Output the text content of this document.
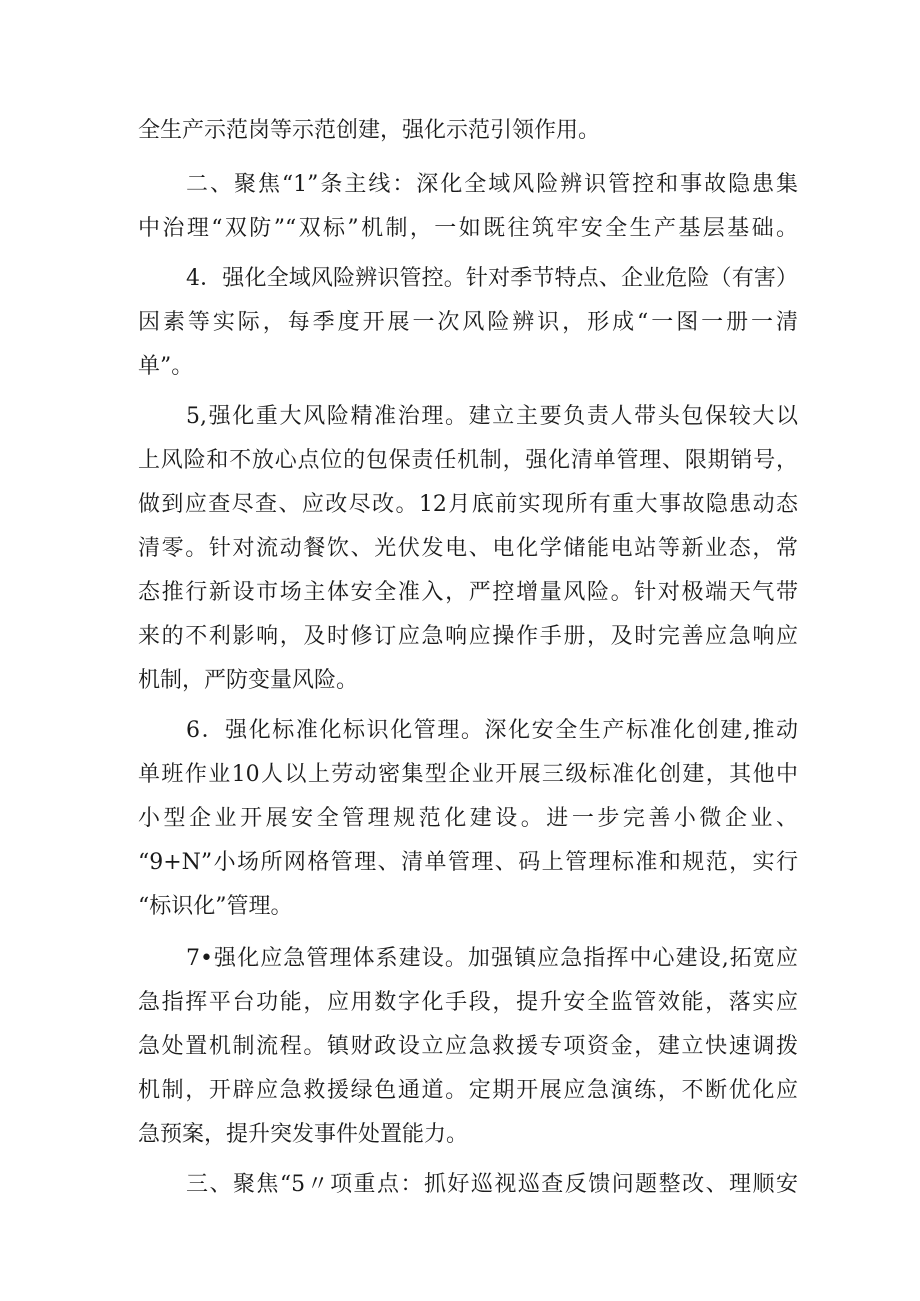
全生产示范岗等示范创建，强化示范引领作用。
二、聚焦“1”条主线：深化全域风险辨识管控和事故隐患集
中治理“双防”“双标”机制，一如既往筑牢安全生产基层基础。
4．强化全域风险辨识管控。针对季节特点、企业危险（有害）
因素等实际，每季度开展一次风险辨识，形成“一图一册一清
单”。
5,强化重大风险精准治理。建立主要负责人带头包保较大以
上风险和不放心点位的包保责任机制，强化清单管理、限期销号，
做到应查尽查、应改尽改。12月底前实现所有重大事故隐患动态
清零。针对流动餐饮、光伏发电、电化学储能电站等新业态，常
态推行新设市场主体安全准入，严控增量风险。针对极端天气带
来的不利影响，及时修订应急响应操作手册，及时完善应急响应
机制，严防变量风险。
6．强化标准化标识化管理。深化安全生产标准化创建,推动
单班作业10人以上劳动密集型企业开展三级标准化创建，其他中
小型企业开展安全管理规范化建设。进一步完善小微企业、
“9+N”小场所网格管理、清单管理、码上管理标准和规范，实行
“标识化”管理。
7•强化应急管理体系建设。加强镇应急指挥中心建设,拓宽应
急指挥平台功能，应用数字化手段，提升安全监管效能，落实应
急处置机制流程。镇财政设立应急救援专项资金，建立快速调拨
机制，开辟应急救援绿色通道。定期开展应急演练，不断优化应
急预案，提升突发事件处置能力。
三、聚焦“5〃项重点：抓好巡视巡查反馈问题整改、理顺安
